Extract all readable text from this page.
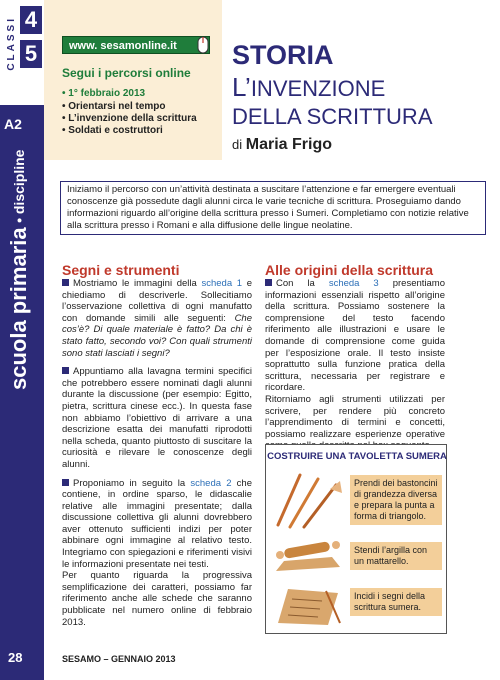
CLASSI 4
5
A2
scuola primaria • discipline
28
www. sesamonline.it
Segui i percorsi online
• 1° febbraio 2013
• Orientarsi nel tempo
• L’invenzione della scrittura
• Soldati e costruttori
STORIA
L’INVENZIONE
DELLA SCRITTURA
di Maria Frigo
Iniziamo il percorso con un’attività destinata a suscitare l’attenzione e far emergere eventuali conoscenze già possedute dagli alunni circa le varie tecniche di scrittura. Proseguiamo dando informazioni riguardo all’origine della scrittura presso i Sumeri. Completiamo con notizie relative alla scrittura presso i Romani e alla diffusione delle lingue neolatine.
Segni e strumenti

Mostriamo le immagini della scheda 1 e chiediamo di descriverle. Sollecitiamo l’osservazione collettiva di ogni manufatto con domande simili alle seguenti: Che cos’è? Di quale materiale è fatto? Da chi è stato fatto, secondo voi? Con quali strumenti sono stati lasciati i segni?

Appuntiamo alla lavagna termini specifici che potrebbero essere nominati dagli alunni durante la discussione (per esempio: Egitto, pietra, scrittura cinese ecc.). In questa fase non abbiamo l’obiettivo di arrivare a una descrizione esatta dei manufatti riprodotti nella scheda, quanto piuttosto di suscitare la curiosità e rilevare le conoscenze degli alunni.

Proponiamo in seguito la scheda 2 che contiene, in ordine sparso, le didascalie relative alle immagini presentate; dalla discussione collettiva gli alunni dovrebbero aver ottenuto sufficienti indizi per poter abbinare ogni immagine al relativo testo. Integriamo con spiegazioni e riferimenti visivi le informazioni presentate nei testi.
Per quanto riguarda la progressiva semplificazione dei caratteri, possiamo far riferimento anche alle schede che saranno pubblicate nel numero online di febbraio 2013.

Alle origini della scrittura

Con la scheda 3 presentiamo informazioni essenziali rispetto all’origine della scrittura. Possiamo sostenere la comprensione del testo facendo riferimento alle illustrazioni e usare le domande di comprensione come guida per l’esposizione orale. Il testo insiste soprattutto sulla funzione pratica della scrittura, necessaria per registrare e ricordare.
Ritorniamo agli strumenti utilizzati per scrivere, per rendere più concreto l’apprendimento di termini e concetti, possiamo realizzare esperienze operative

COSTRUIRE UNA TAVOLETTA SUMERA
Prendi dei bastoncini di grandezza diversa e prepara la punta a forma di triangolo.
Stendi l’argilla con un mattarello.
Incidi i segni della scrittura sumera.
SESAMO – GENNAIO 2013
